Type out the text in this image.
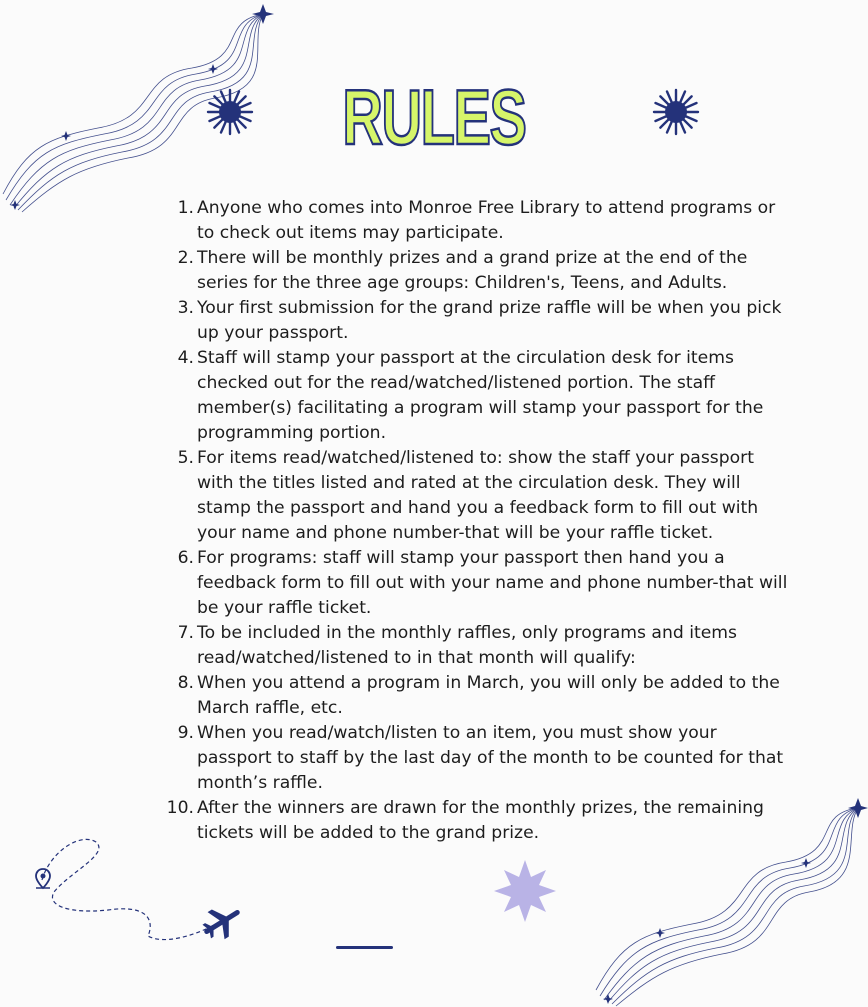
RULES
1. Anyone who comes into Monroe Free Library to attend programs or to check out items may participate.
2. There will be monthly prizes and a grand prize at the end of the series for the three age groups: Children's, Teens, and Adults.
3. Your first submission for the grand prize raffle will be when you pick up your passport.
4. Staff will stamp your passport at the circulation desk for items checked out for the read/watched/listened portion. The staff member(s) facilitating a program will stamp your passport for the programming portion.
5. For items read/watched/listened to: show the staff your passport with the titles listed and rated at the circulation desk. They will stamp the passport and hand you a feedback form to fill out with your name and phone number-that will be your raffle ticket.
6. For programs: staff will stamp your passport then hand you a feedback form to fill out with your name and phone number-that will be your raffle ticket.
7. To be included in the monthly raffles, only programs and items read/watched/listened to in that month will qualify:
8. When you attend a program in March, you will only be added to the March raffle, etc.
9. When you read/watch/listen to an item, you must show your passport to staff by the last day of the month to be counted for that month’s raffle.
10. After the winners are drawn for the monthly prizes, the remaining tickets will be added to the grand prize.
